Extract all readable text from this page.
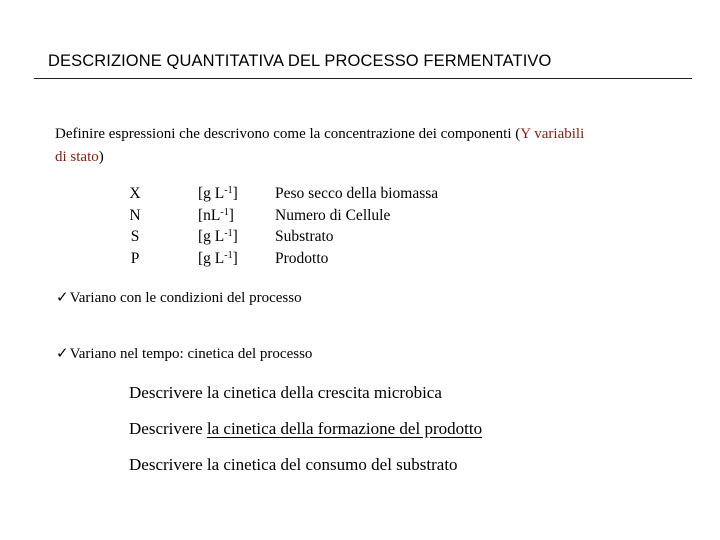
DESCRIZIONE QUANTITATIVA DEL PROCESSO FERMENTATIVO
Definire espressioni che descrivono come la concentrazione dei componenti (Y variabili
di stato)
X	[g $L^{-1}$] Peso secco della biomassa
N	$[nL^{-1}]$	Numero di Cellule
S	[g $L^{-1}$] Substrato
P	[g $L^{-1}$] Prodotto
✓Variano con le condizioni del processo
✓Variano nel tempo: cinetica del processo
Descrivere la cinetica della crescita microbica
Descrivere la cinetica della formazione del prodotto
Descrivere la cinetica del consumo del substrato
